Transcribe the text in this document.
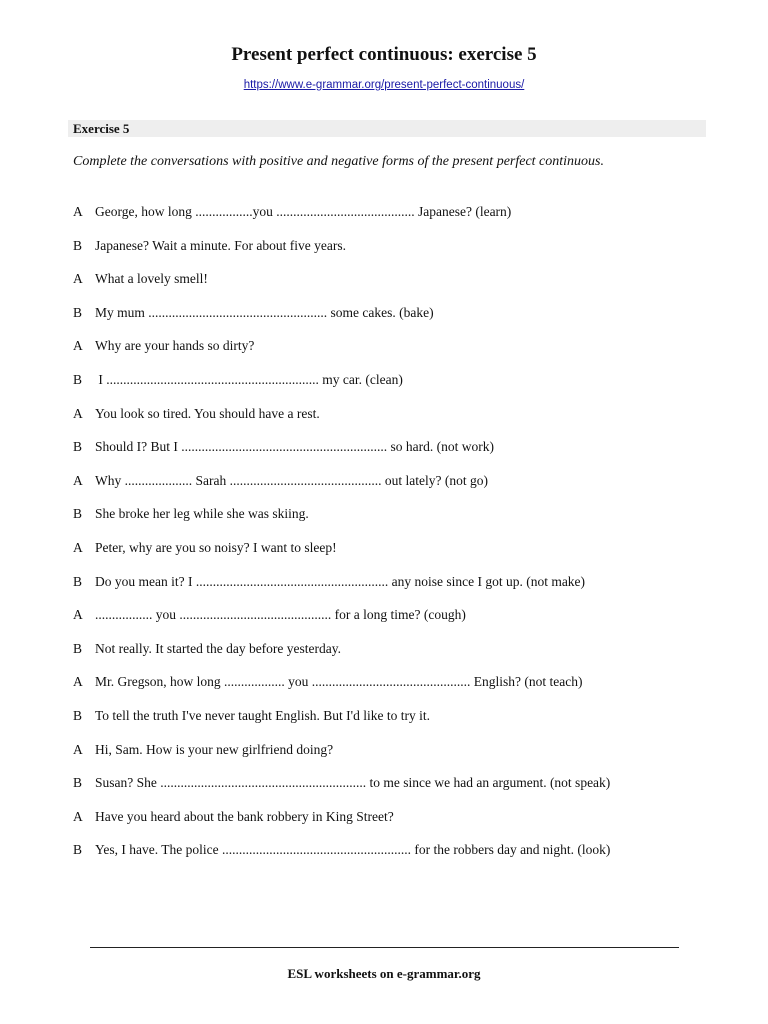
Present perfect continuous: exercise 5
https://www.e-grammar.org/present-perfect-continuous/
Exercise 5
Complete the conversations with positive and negative forms of the present perfect continuous.
A George, how long .................you ......................................... Japanese? (learn)
B Japanese? Wait a minute. For about five years.
A What a lovely smell!
B My mum ..................................................... some cakes. (bake)
A Why are your hands so dirty?
B I ............................................................... my car. (clean)
A You look so tired. You should have a rest.
B Should I? But I ............................................................. so hard. (not work)
A Why .................... Sarah ............................................. out lately? (not go)
B She broke her leg while she was skiing.
A Peter, why are you so noisy? I want to sleep!
B Do you mean it? I ......................................................... any noise since I got up. (not make)
A ................. you ............................................. for a long time? (cough)
B Not really. It started the day before yesterday.
A Mr. Gregson, how long .................. you ............................................... English? (not teach)
B To tell the truth I've never taught English. But I'd like to try it.
A Hi, Sam. How is your new girlfriend doing?
B Susan? She ............................................................. to me since we had an argument. (not speak)
A Have you heard about the bank robbery in King Street?
B Yes, I have. The police ........................................................ for the robbers day and night. (look)
ESL worksheets on e-grammar.org
